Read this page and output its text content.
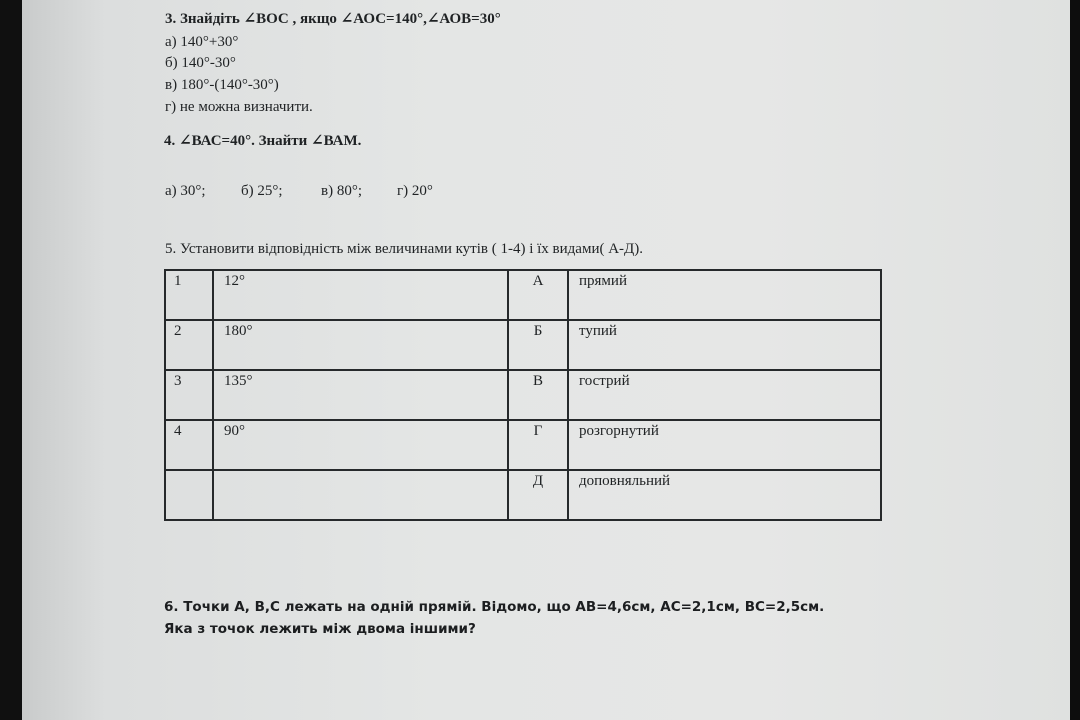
3. Знайдіть ∠ВОС , якщо ∠АОС=140°,∠АОВ=30°
а) 140°+30°
б) 140°-30°
в) 180°-(140°-30°)
г) не можна визначити.
4. ∠ВАС=40°. Знайти ∠ВАМ.
а) 30°; б) 25°;	в) 80°; г) 20°
5. Установити відповідність між величинами кутів ( 1-4) і їх видами( А-Д).
1	12°	А	прямий
2	180°	Б	тупий
3	135°	В	гострий
4	90°	Г	розгорнутий
		Д	доповняльний
6. Точки А, В,С лежать на одній прямій. Відомо, що АВ=4,6см, АС=2,1см, ВС=2,5см.
Яка з точок лежить між двома іншими?
